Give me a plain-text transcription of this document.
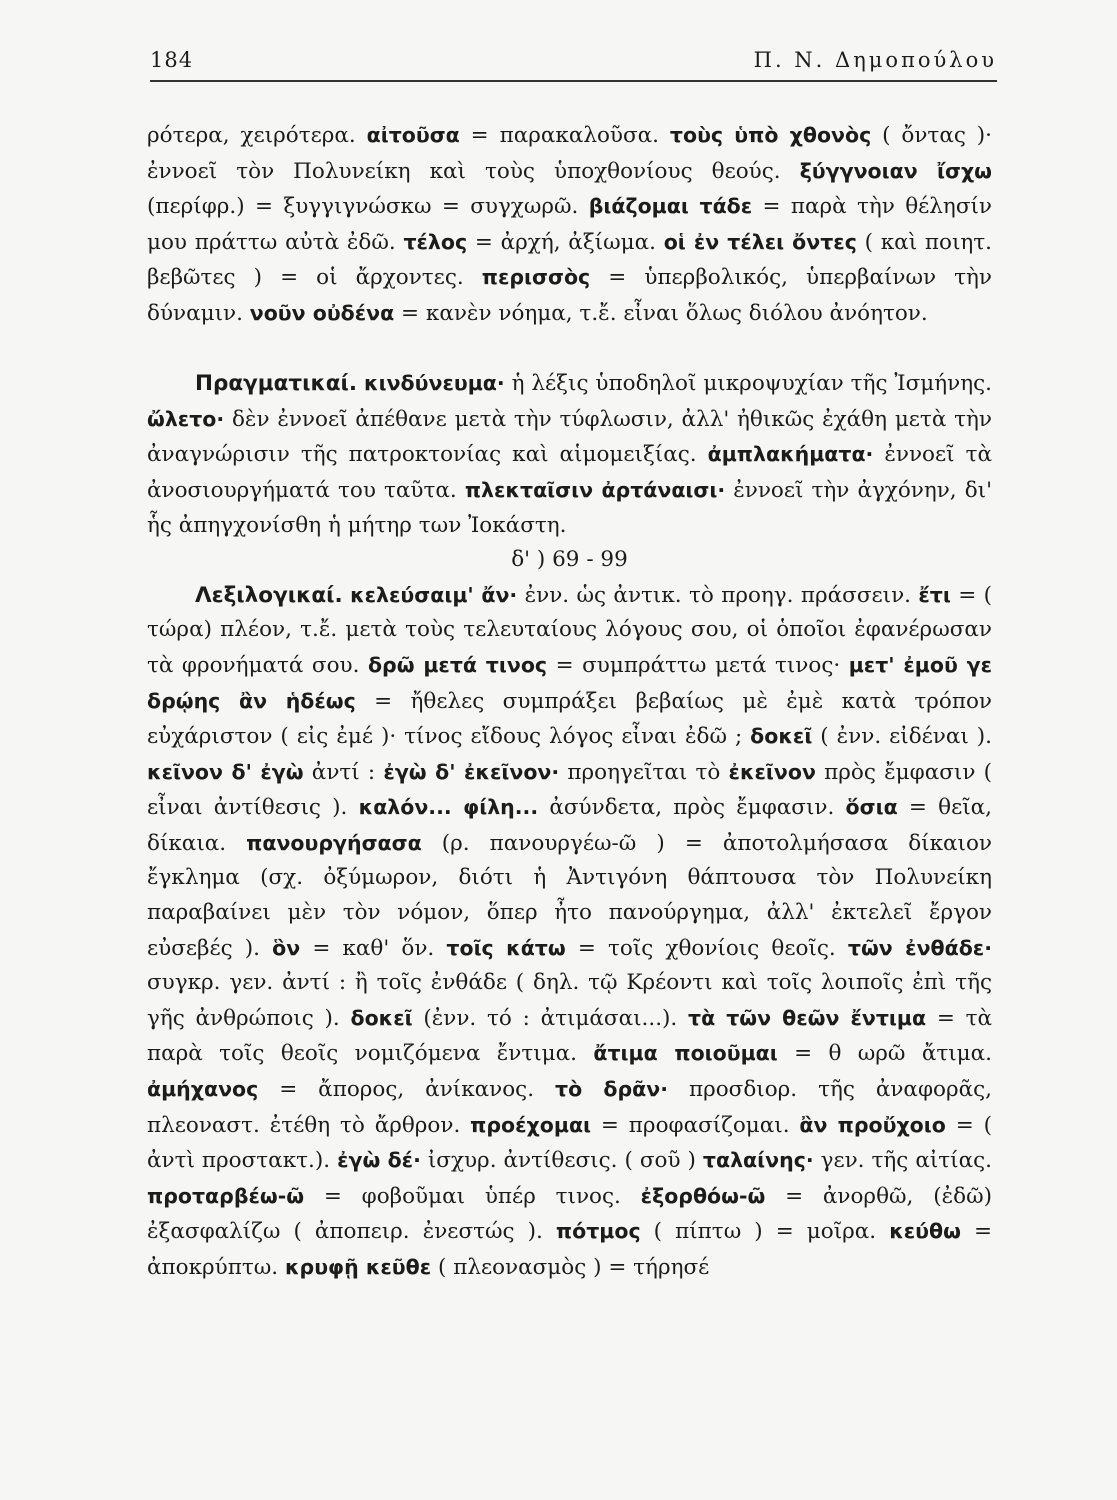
184	Π. Ν. Δημοπούλου

ρότερα, χειρότερα. αἰτοῦσα = παρακαλοῦσα. τοὺς ὑπὸ χθονὸς ( ὄντας )· ἐννοεῖ τὸν Πολυνείκη καὶ τοὺς ὑποχθονίους θεούς. ξύγγνοιαν ἴσχω (περίφρ.) = ξυγγιγνώσκω = συγχωρῶ. βιάζομαι τάδε = παρὰ τὴν θέλησίν μου πράττω αὐτὰ ἐδῶ. τέλος = ἀρχή, ἀξίωμα. οἱ ἐν τέλει ὄντες ( καὶ ποιητ. βεβῶτες ) = οἱ ἄρχοντες. περισσὸς = ὑπερβολικός, ὑπερβαίνων τὴν δύναμιν. νοῦν οὐδένα = κανὲν νόημα, τ.ἔ. εἶναι ὅλως διόλου ἀνόητον.

Πραγματικαί. κινδύνευμα· ἡ λέξις ὑποδηλοῖ μικροψυχίαν τῆς Ἰσμήνης. ὤλετο· δὲν ἐννοεῖ ἀπέθανε μετὰ τὴν τύφλωσιν, ἀλλ' ἠθικῶς ἐχάθη μετὰ τὴν ἀναγνώρισιν τῆς πατροκτονίας καὶ αἱμομειξίας. ἀμπλακήματα· ἐννοεῖ τὰ ἀνοσιουργήματά του ταῦτα. πλεκταῖσιν ἀρτάναισι· ἐννοεῖ τὴν ἀγχόνην, δι' ἧς ἀπηγχονίσθη ἡ μήτηρ των Ἰοκάστη.

δ' ) 69 - 99

Λεξιλογικαί. κελεύσαιμ' ἄν· ἐνν. ὡς ἀντικ. τὸ προηγ. πράσσειν. ἔτι = ( τώρα) πλέον, τ.ἔ. μετὰ τοὺς τελευταίους λόγους σου, οἱ ὁποῖοι ἐφανέρωσαν τὰ φρονήματά σου. δρῶ μετά τινος = συμπράττω μετά τινος· μετ' ἐμοῦ γε δρῴης ἂν ἡδέως = ἤθελες συμπράξει βεβαίως μὲ ἐμὲ κατὰ τρόπον εὐχάριστον ( εἰς ἐμέ )· τίνος εἴδους λόγος εἶναι ἐδῶ ; δοκεῖ ( ἐνν. εἰδέναι ). κεῖνον δ' ἐγὼ ἀντί : ἐγὼ δ' ἐκεῖνον· προηγεῖται τὸ ἐκεῖνον πρὸς ἔμφασιν ( εἶναι ἀντίθεσις ). καλόν... φίλη... ἀσύνδετα, πρὸς ἔμφασιν. ὅσια = θεῖα, δίκαια. πανουργήσασα (ρ. πανουργέω-ῶ ) = ἀποτολμήσασα δίκαιον ἔγκλημα (σχ. ὀξύμωρον, διότι ἡ Ἀντιγόνη θάπτουσα τὸν Πολυνείκη παραβαίνει μὲν τὸν νόμον, ὅπερ ἦτο πανούργημα, ἀλλ' ἐκτελεῖ ἔργον εὐσεβές ). ὃν = καθ' ὅν. τοῖς κάτω = τοῖς χθονίοις θεοῖς. τῶν ἐνθάδε· συγκρ. γεν. ἀντί : ἢ τοῖς ἐνθάδε ( δηλ. τῷ Κρέοντι καὶ τοῖς λοιποῖς ἐπὶ τῆς γῆς ἀνθρώποις ). δοκεῖ (ἐνν. τό : ἀτιμάσαι...). τὰ τῶν θεῶν ἔντιμα = τὰ παρὰ τοῖς θεοῖς νομιζόμενα ἔντιμα. ἄτιμα ποιοῦμαι = θ ωρῶ ἄτιμα. ἀμήχανος = ἄπορος, ἀνίκανος. τὸ δρᾶν· προσδιορ. τῆς ἀναφορᾶς, πλεοναστ. ἐτέθη τὸ ἄρθρον. προέχομαι = προφασίζομαι. ἂν προὔχοιο = ( ἀντὶ προστακτ.). ἐγὼ δέ· ἰσχυρ. ἀντίθεσις. ( σοῦ ) ταλαίνης· γεν. τῆς αἰτίας. προταρβέω-ῶ = φοβοῦμαι ὑπέρ τινος. ἐξορθόω-ῶ = ἀνορθῶ, (ἐδῶ) ἐξασφαλίζω ( ἀποπειρ. ἐνεστώς ). πότμος ( πίπτω ) = μοῖρα. κεύθω = ἀποκρύπτω. κρυφῇ κεῦθε ( πλεονασμὸς ) = τήρησέ
